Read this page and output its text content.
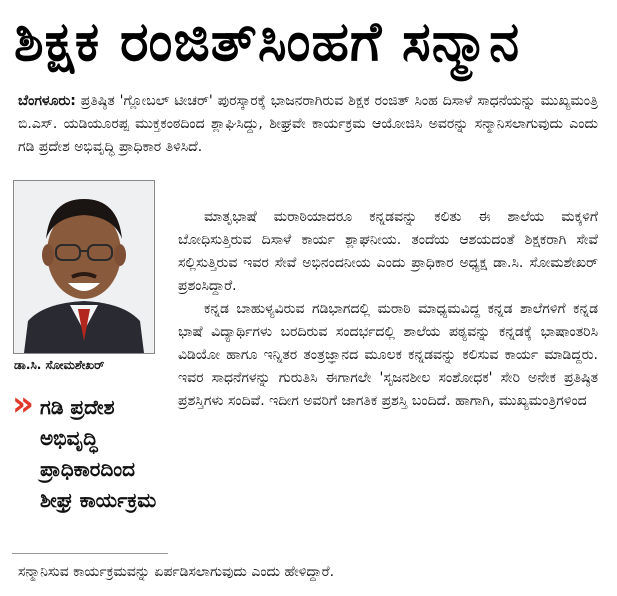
ಶಿಕ್ಷಕ ರಂಜಿತ್‌ಸಿಂಹಗೆ ಸನ್ಮಾನ
ಬೆಂಗಳೂರು: ಪ್ರತಿಷ್ಠಿತ 'ಗ್ಲೋಬಲ್ ಟೀಚರ್' ಪುರಸ್ಕಾರಕ್ಕೆ ಭಾಜನರಾಗಿರುವ ಶಿಕ್ಷಕ ರಂಜಿತ್ ಸಿಂಹ ದಿಸಾಳೆ ಸಾಧನೆಯನ್ನು ಮುಖ್ಯಮಂತ್ರಿ ಬಿ.ಎಸ್. ಯಡಿಯೂರಪ್ಪ ಮುಕ್ತಕಂಠದಿಂದ ಶ್ಲಾಘಿಸಿದ್ದು, ಶೀಘ್ರವೇ ಕಾರ್ಯಕ್ರಮ ಆಯೋಜಿಸಿ ಅವರನ್ನು ಸನ್ಮಾನಿಸಲಾಗುವುದು ಎಂದು ಗಡಿ ಪ್ರದೇಶ ಅಭಿವೃದ್ಧಿ ಪ್ರಾಧಿಕಾರ ತಿಳಿಸಿದೆ.
ಡಾ.ಸಿ. ಸೋಮಶೇಖರ್
» ಗಡಿ ಪ್ರದೇಶ ಅಭಿವೃದ್ಧಿ ಪ್ರಾಧಿಕಾರದಿಂದ ಶೀಘ್ರ ಕಾರ್ಯಕ್ರಮ

ಮಾತೃಭಾಷೆ ಮರಾಠಿಯಾದರೂ ಕನ್ನಡವನ್ನು ಕಲಿತು ಈ ಶಾಲೆಯ ಮಕ್ಕಳಿಗೆ ಬೋಧಿಸುತ್ತಿರುವ ದಿಸಾಳೆ ಕಾರ್ಯ ಶ್ಲಾಘನೀಯ. ತಂದೆಯ ಆಶಯದಂತೆ ಶಿಕ್ಷಕರಾಗಿ ಸೇವೆ ಸಲ್ಲಿಸುತ್ತಿರುವ ಇವರ ಸೇವೆ ಅಭಿನಂದನೀಯ ಎಂದು ಪ್ರಾಧಿಕಾರ ಅಧ್ಯಕ್ಷ ಡಾ.ಸಿ. ಸೋಮಶೇಖರ್ ಪ್ರಶಂಸಿದ್ದಾರೆ.

ಕನ್ನಡ ಬಾಹುಳ್ಯವಿರುವ ಗಡಿಭಾಗದಲ್ಲಿ ಮರಾಠಿ ಮಾಧ್ಯಮವಿದ್ದ ಕನ್ನಡ ಶಾಲೆಗಳಿಗೆ ಕನ್ನಡ ಭಾಷೆ ವಿದ್ಯಾರ್ಥಿಗಳು ಬರದಿರುವ ಸಂದರ್ಭದಲ್ಲಿ ಶಾಲೆಯ ಪಠ್ಯವನ್ನು ಕನ್ನಡಕ್ಕೆ ಭಾಷಾಂತರಿಸಿ ವಿಡಿಯೋ ಹಾಗೂ ಇನ್ನಿತರ ತಂತ್ರಜ್ಞಾನದ ಮೂಲಕ ಕನ್ನಡವನ್ನು ಕಲಿಸುವ ಕಾರ್ಯ ಮಾಡಿದ್ದರು. ಇವರ ಸಾಧನೆಗಳನ್ನು ಗುರುತಿಸಿ ಈಗಾಗಲೇ 'ಸೃಜನಶೀಲ ಸಂಶೋಧಕ' ಸೇರಿ ಅನೇಕ ಪ್ರತಿಷ್ಠಿತ ಪ್ರಶಸ್ತಿಗಳು ಸಂದಿವೆ. ಇದೀಗ ಅವರಿಗೆ ಜಾಗತಿಕ ಪ್ರಶಸ್ತಿ ಬಂದಿದೆ. ಹಾಗಾಗಿ, ಮುಖ್ಯಮಂತ್ರಿಗಳಿಂದ

ಸನ್ಮಾನಿಸುವ ಕಾರ್ಯಕ್ರಮವನ್ನು ಏರ್ಪಡಿಸಲಾಗುವುದು ಎಂದು ಹೇಳಿದ್ದಾರೆ.
